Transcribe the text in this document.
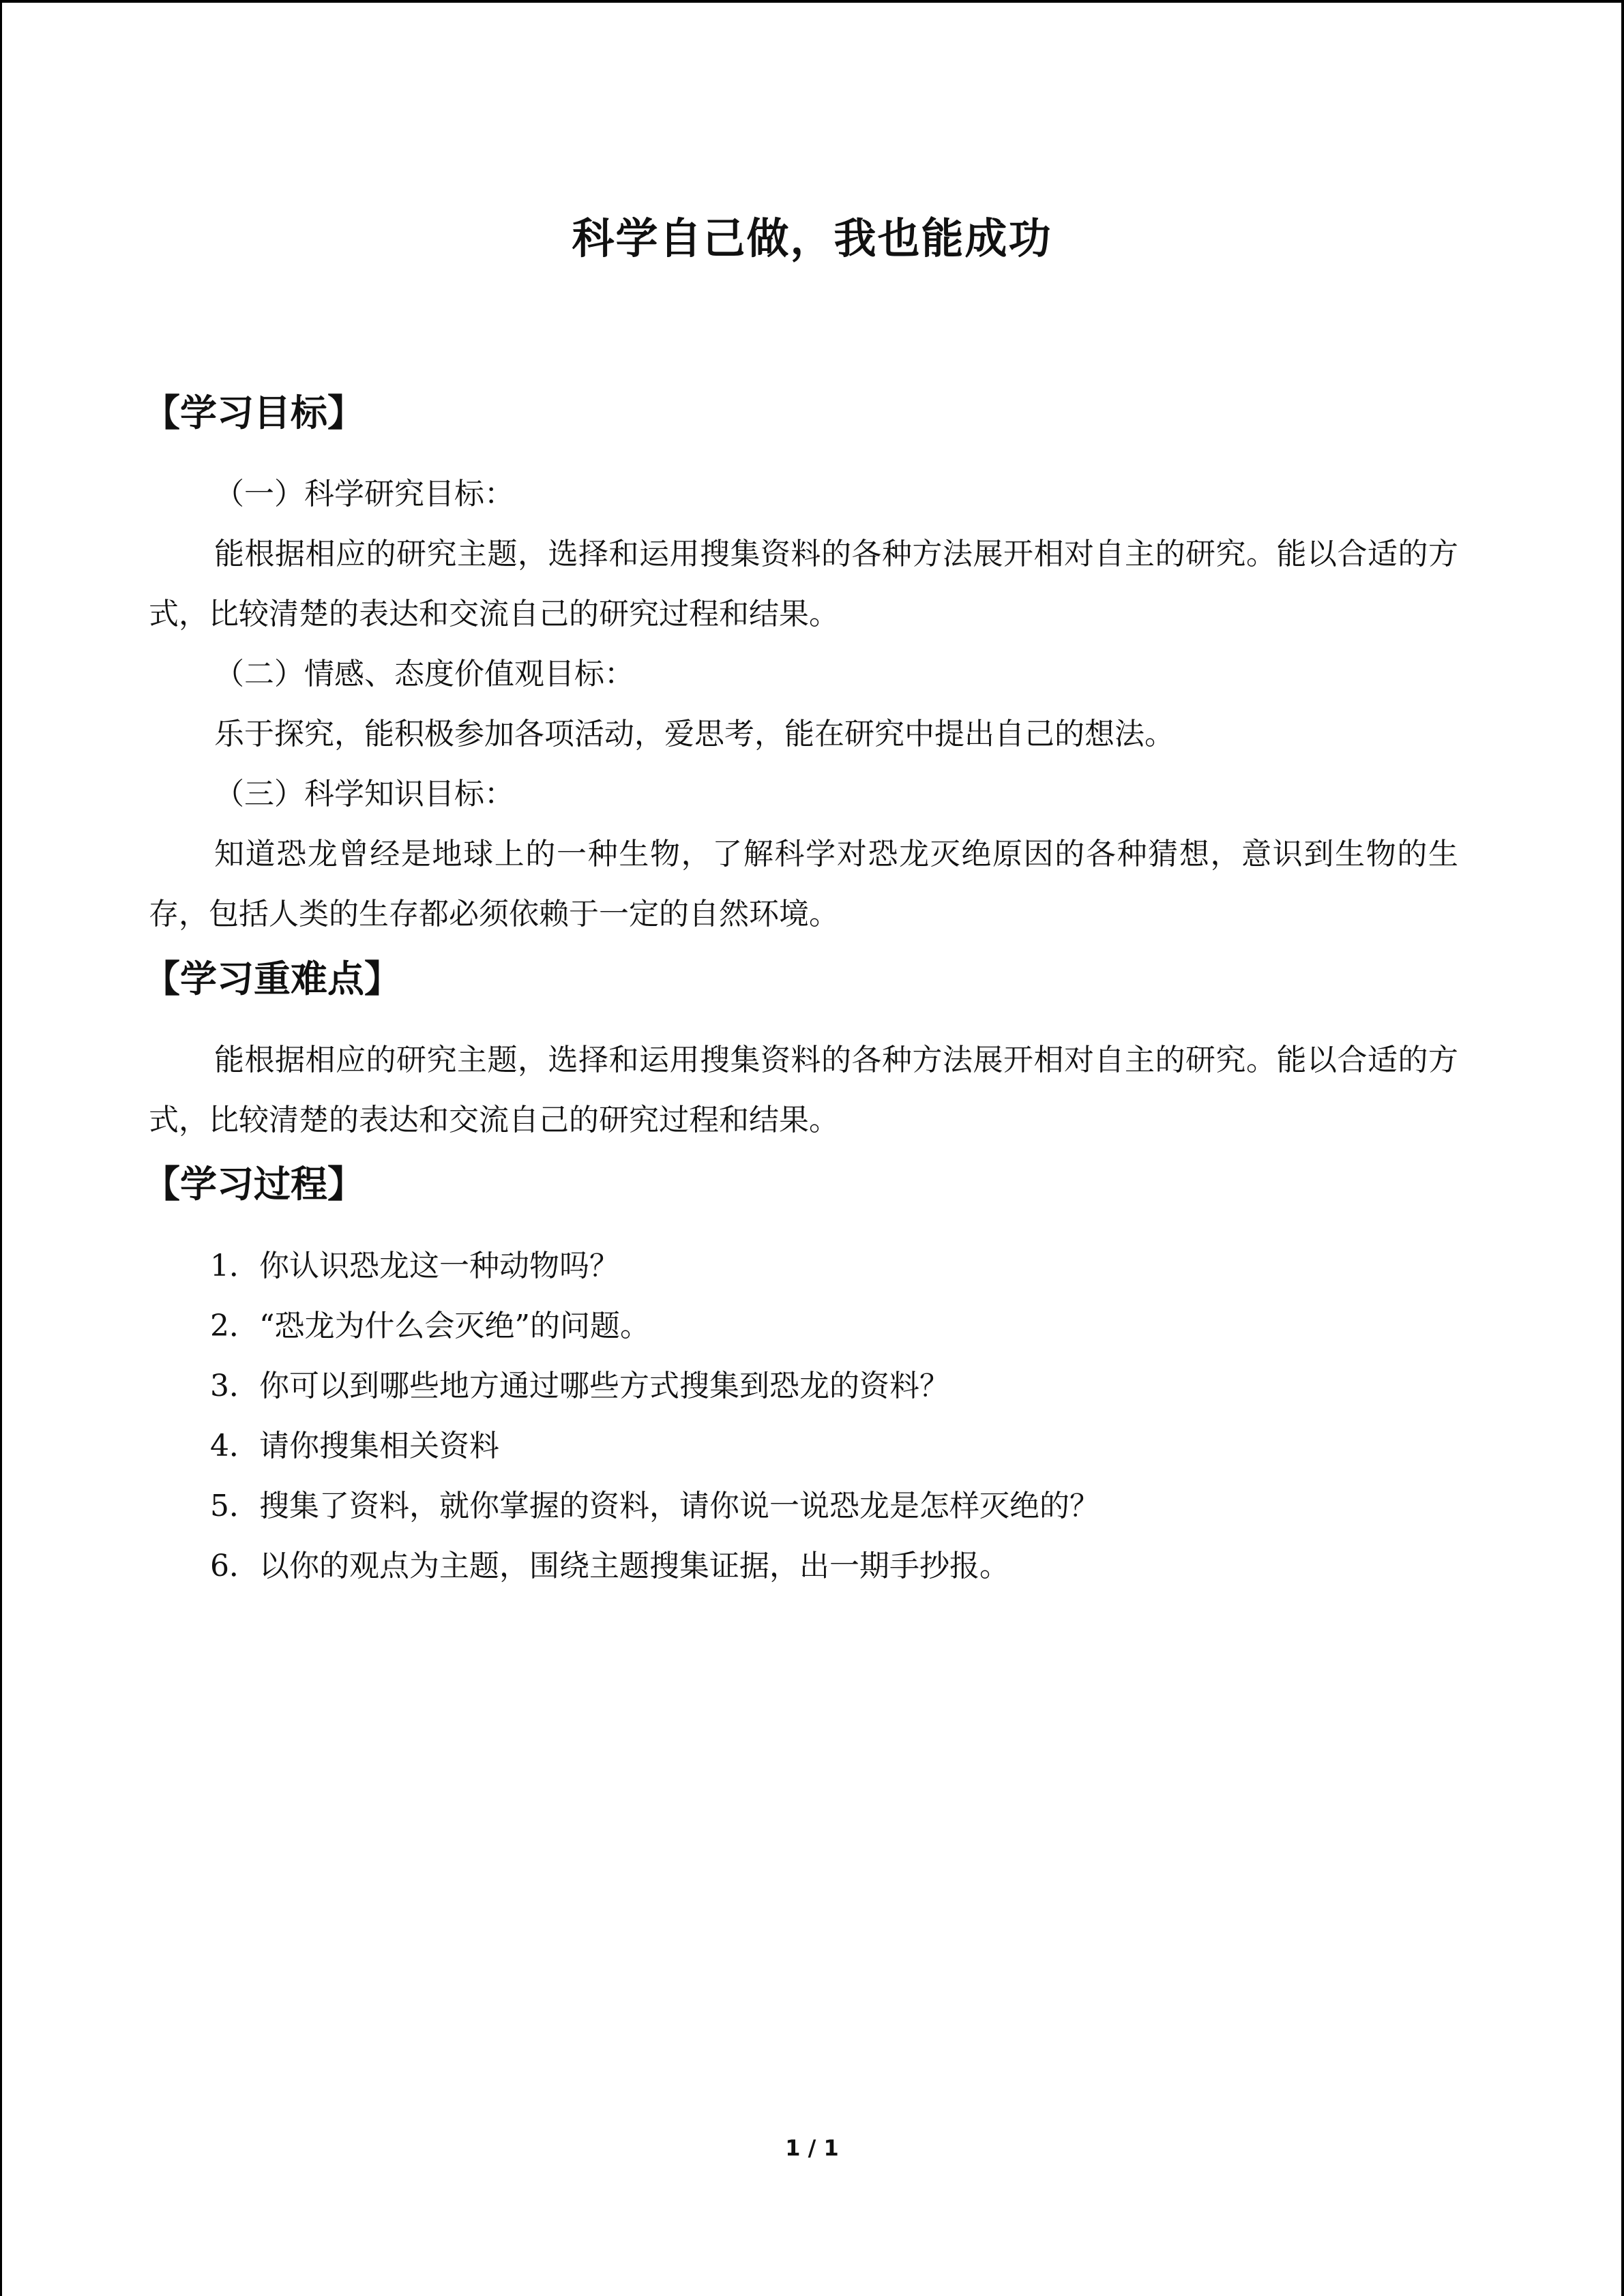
科学自己做，我也能成功
【学习目标】
（一）科学研究目标：
能根据相应的研究主题，选择和运用搜集资料的各种方法展开相对自主的研究。能以合适的方式，比较清楚的表达和交流自己的研究过程和结果。
（二）情感、态度价值观目标：
乐于探究，能积极参加各项活动，爱思考，能在研究中提出自己的想法。
（三）科学知识目标：
知道恐龙曾经是地球上的一种生物，了解科学对恐龙灭绝原因的各种猜想，意识到生物的生存，包括人类的生存都必须依赖于一定的自然环境。
【学习重难点】
能根据相应的研究主题，选择和运用搜集资料的各种方法展开相对自主的研究。能以合适的方式，比较清楚的表达和交流自己的研究过程和结果。
【学习过程】
1．你认识恐龙这一种动物吗？
2．“恐龙为什么会灭绝”的问题。
3．你可以到哪些地方通过哪些方式搜集到恐龙的资料？
4．请你搜集相关资料
5．搜集了资料，就你掌握的资料，请你说一说恐龙是怎样灭绝的？
6．以你的观点为主题，围绕主题搜集证据，出一期手抄报。
1 / 1
